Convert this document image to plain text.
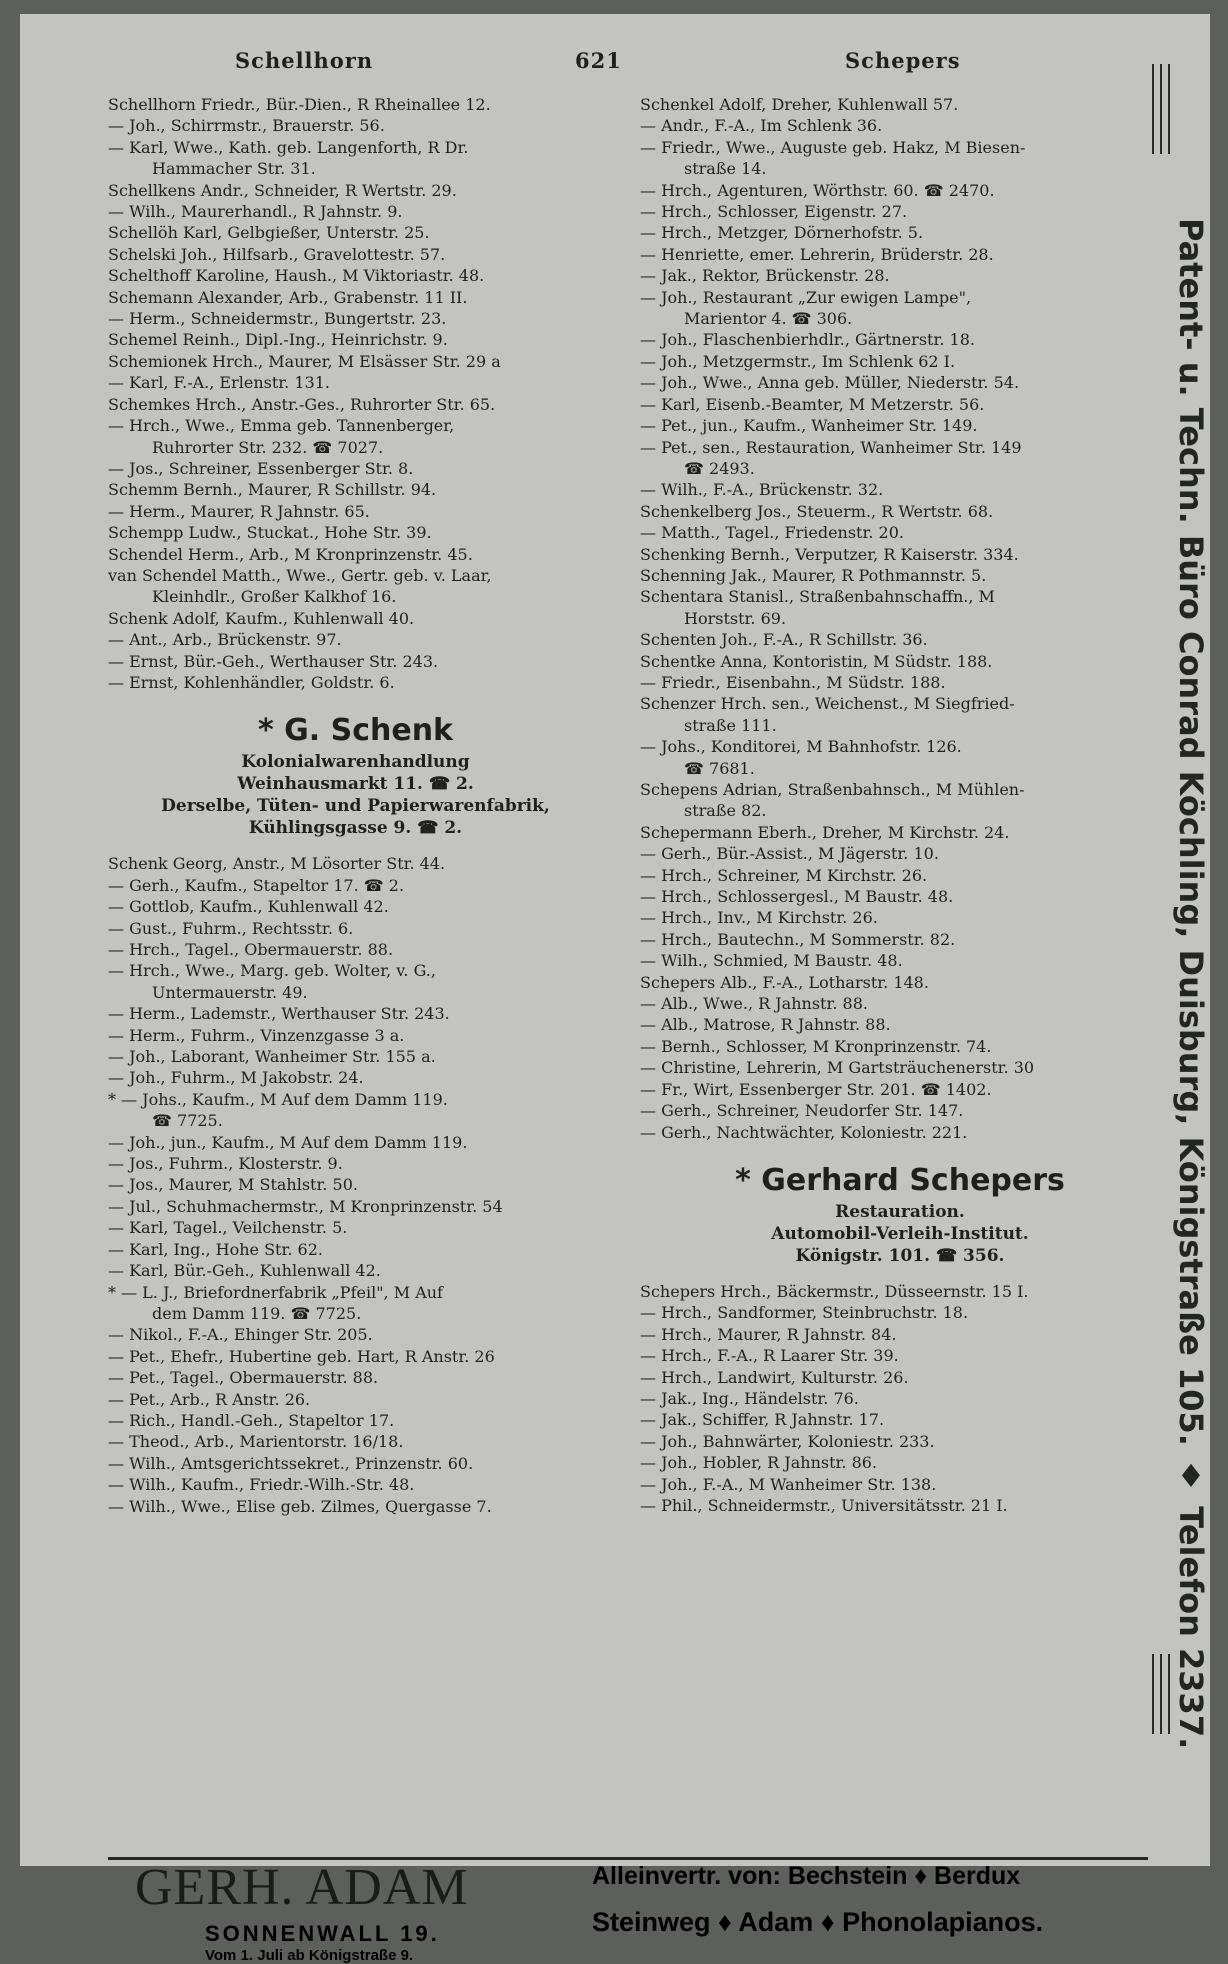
Schellhorn	621	Schepers
Schellhorn Friedr., Bür.-Dien., R Rheinallee 12.
— Joh., Schirrmstr., Brauerstr. 56.
— Karl, Wwe., Kath. geb. Langenforth, R Dr.
Hammacher Str. 31.
Schellkens Andr., Schneider, R Wertstr. 29.
— Wilh., Maurerhandl., R Jahnstr. 9.
Schellöh Karl, Gelbgießer, Unterstr. 25.
Schelski Joh., Hilfsarb., Gravelottestr. 57.
Schelthoff Karoline, Haush., M Viktoriastr. 48.
Schemann Alexander, Arb., Grabenstr. 11 II.
— Herm., Schneidermstr., Bungertstr. 23.
Schemel Reinh., Dipl.-Ing., Heinrichstr. 9.
Schemionek Hrch., Maurer, M Elsässer Str. 29 a
— Karl, F.-A., Erlenstr. 131.
Schemkes Hrch., Anstr.-Ges., Ruhrorter Str. 65.
— Hrch., Wwe., Emma geb. Tannenberger,
Ruhrorter Str. 232. ☎ 7027.
— Jos., Schreiner, Essenberger Str. 8.
Schemm Bernh., Maurer, R Schillstr. 94.
— Herm., Maurer, R Jahnstr. 65.
Schempp Ludw., Stuckat., Hohe Str. 39.
Schendel Herm., Arb., M Kronprinzenstr. 45.
van Schendel Matth., Wwe., Gertr. geb. v. Laar,
Kleinhdlr., Großer Kalkhof 16.
Schenk Adolf, Kaufm., Kuhlenwall 40.
— Ant., Arb., Brückenstr. 97.
— Ernst, Bür.-Geh., Werthauser Str. 243.
— Ernst, Kohlenhändler, Goldstr. 6.
* G. Schenk
Kolonialwarenhandlung
Weinhausmarkt 11. ☎ 2.
Derselbe, Tüten- und Papierwarenfabrik,
Kühlingsgasse 9. ☎ 2.
Schenk Georg, Anstr., M Lösorter Str. 44.
— Gerh., Kaufm., Stapeltor 17. ☎ 2.
— Gottlob, Kaufm., Kuhlenwall 42.
— Gust., Fuhrm., Rechtsstr. 6.
— Hrch., Tagel., Obermauerstr. 88.
— Hrch., Wwe., Marg. geb. Wolter, v. G.,
Untermauerstr. 49.
— Herm., Lademstr., Werthauser Str. 243.
— Herm., Fuhrm., Vinzenzgasse 3 a.
— Joh., Laborant, Wanheimer Str. 155 a.
— Joh., Fuhrm., M Jakobstr. 24.
* — Johs., Kaufm., M Auf dem Damm 119.
☎ 7725.
— Joh., jun., Kaufm., M Auf dem Damm 119.
— Jos., Fuhrm., Klosterstr. 9.
— Jos., Maurer, M Stahlstr. 50.
— Jul., Schuhmachermstr., M Kronprinzenstr. 54
— Karl, Tagel., Veilchenstr. 5.
— Karl, Ing., Hohe Str. 62.
— Karl, Bür.-Geh., Kuhlenwall 42.
* — L. J., Briefordnerfabrik „Pfeil", M Auf
dem Damm 119. ☎ 7725.
— Nikol., F.-A., Ehinger Str. 205.
— Pet., Ehefr., Hubertine geb. Hart, R Anstr. 26
— Pet., Tagel., Obermauerstr. 88.
— Pet., Arb., R Anstr. 26.
— Rich., Handl.-Geh., Stapeltor 17.
— Theod., Arb., Marientorstr. 16/18.
— Wilh., Amtsgerichtssekret., Prinzenstr. 60.
— Wilh., Kaufm., Friedr.-Wilh.-Str. 48.
— Wilh., Wwe., Elise geb. Zilmes, Quergasse 7.
Schenkel Adolf, Dreher, Kuhlenwall 57.
— Andr., F.-A., Im Schlenk 36.
— Friedr., Wwe., Auguste geb. Hakz, M Biesen-
straße 14.
— Hrch., Agenturen, Wörthstr. 60. ☎ 2470.
— Hrch., Schlosser, Eigenstr. 27.
— Hrch., Metzger, Dörnerhofstr. 5.
— Henriette, emer. Lehrerin, Brüderstr. 28.
— Jak., Rektor, Brückenstr. 28.
— Joh., Restaurant „Zur ewigen Lampe",
Marientor 4. ☎ 306.
— Joh., Flaschenbierhdlr., Gärtnerstr. 18.
— Joh., Metzgermstr., Im Schlenk 62 I.
— Joh., Wwe., Anna geb. Müller, Niederstr. 54.
— Karl, Eisenb.-Beamter, M Metzerstr. 56.
— Pet., jun., Kaufm., Wanheimer Str. 149.
— Pet., sen., Restauration, Wanheimer Str. 149
☎ 2493.
— Wilh., F.-A., Brückenstr. 32.
Schenkelberg Jos., Steuerm., R Wertstr. 68.
— Matth., Tagel., Friedenstr. 20.
Schenking Bernh., Verputzer, R Kaiserstr. 334.
Schenning Jak., Maurer, R Pothmannstr. 5.
Schentara Stanisl., Straßenbahnschaffn., M
Horststr. 69.
Schenten Joh., F.-A., R Schillstr. 36.
Schentke Anna, Kontoristin, M Südstr. 188.
— Friedr., Eisenbahn., M Südstr. 188.
Schenzer Hrch. sen., Weichenst., M Siegfried-
straße 111.
— Johs., Konditorei, M Bahnhofstr. 126.
☎ 7681.
Schepens Adrian, Straßenbahnsch., M Mühlen-
straße 82.
Schepermann Eberh., Dreher, M Kirchstr. 24.
— Gerh., Bür.-Assist., M Jägerstr. 10.
— Hrch., Schreiner, M Kirchstr. 26.
— Hrch., Schlossergesl., M Baustr. 48.
— Hrch., Inv., M Kirchstr. 26.
— Hrch., Bautechn., M Sommerstr. 82.
— Wilh., Schmied, M Baustr. 48.
Schepers Alb., F.-A., Lotharstr. 148.
— Alb., Wwe., R Jahnstr. 88.
— Alb., Matrose, R Jahnstr. 88.
— Bernh., Schlosser, M Kronprinzenstr. 74.
— Christine, Lehrerin, M Gartsträuchenerstr. 30
— Fr., Wirt, Essenberger Str. 201. ☎ 1402.
— Gerh., Schreiner, Neudorfer Str. 147.
— Gerh., Nachtwächter, Koloniestr. 221.
* Gerhard Schepers
Restauration.
Automobil-Verleih-Institut.
Königstr. 101. ☎ 356.
Schepers Hrch., Bäckermstr., Düsseernstr. 15 I.
— Hrch., Sandformer, Steinbruchstr. 18.
— Hrch., Maurer, R Jahnstr. 84.
— Hrch., F.-A., R Laarer Str. 39.
— Hrch., Landwirt, Kulturstr. 26.
— Jak., Ing., Händelstr. 76.
— Jak., Schiffer, R Jahnstr. 17.
— Joh., Bahnwärter, Koloniestr. 233.
— Joh., Hobler, R Jahnstr. 86.
— Joh., F.-A., M Wanheimer Str. 138.
— Phil., Schneidermstr., Universitätsstr. 21 I.	Patent- u. Techn. Büro Conrad Köchling, Duisburg, Königstraße 105. ♦ Telefon 2337.
GERH. ADAM
SONNENWALL 19.
Vom 1. Juli ab Königstraße 9.
Alleinvertr. von: Bechstein ♦ Berdux
Steinweg ♦ Adam ♦ Phonolapianos.
